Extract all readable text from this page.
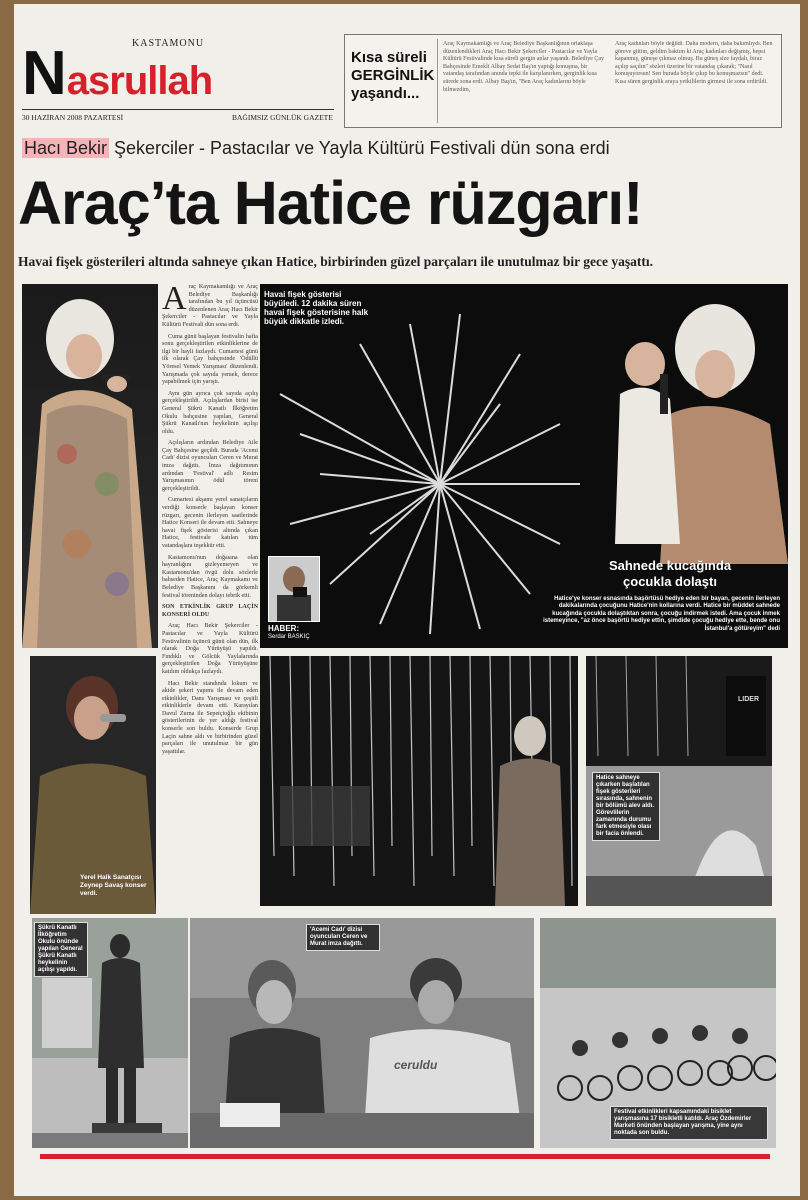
KASTAMONU
Nasrullah
30 HAZİRAN 2008 PAZARTESİ	BAĞIMSIZ GÜNLÜK GAZETE
Kısa süreli
GERGİNLİK
yaşandı...
Araç Kaymakamlığı ve Araç Belediye Başkanlığının ortaklaşa düzenlendikleri Araç Hacı Bekir Şekerciler - Pastacılar ve Yayla Kültürü Festivalinde kısa süreli gergin anlar yaşandı. Belediye Çay Bahçesinde Emekli Albay Sedat Baş'ın yaptığı konuşma, bir vatandaş tarafından anında tepki ile karşılanırken, gerginlik kısa sürede sona erdi. Albay Baş'ın, "Ben Araç kadınlarını böyle bilmezdim,
Araç kadınları böyle değildi. Daha modern, daha bakımlıydı. Ben göreve gittim, geldim baktım ki Araç kadınları değişmiş, hepsi kapanmış, güneşe çıkmaz olmuş. Bu güneş size faydalı, biraz açılıp saçılın" sözleri üzerine bir vatandaş çıkarak; "Nasıl konuşuyorsun! Sen burada böyle çıkıp bu konuşmazsın" dedi. Kısa süren gerginlik araya yetkililerin girmesi ile sona erdirildi.
Hacı Bekir Şekerciler - Pastacılar ve Yayla Kültürü Festivali dün sona erdi
Araç’ta Hatice rüzgarı!
Havai fişek gösterileri altında sahneye çıkan Hatice, birbirinden güzel parçaları ile unutulmaz bir gece yaşattı.
A raç Kaymakamlığı ve Araç Belediye Başkanlığı tarafından bu yıl üçüncüsü düzenlenen Araç Hacı Bekir Şekerciler - Pastacılar ve Yayla Kültürü Festivali dün sona erdi.

Cuma günü başlayan festivalin hafta sonu gerçekleştirilen etkinliklerine de ilgi bir hayli fazlaydı. Cumartesi günü ilk olarak Çay bahçesinde 'Ödüllü Yöresel Yemek Yarışması' düzenlendi. Yarışmada çok sayıda yemek, derece yapabilmek için yarıştı.

Aynı gün ayrıca çok sayıda açılış gerçekleştirildi. Açılışlardan birisi ise General Şükrü Kanatlı İlköğretim Okulu bahçesine yapılan, General Şükrü Kanatlı'nın heykelinin açılışı oldu.

Açılışların ardından Belediye Aile Çay Bahçesine geçildi. Burada 'Acemi Cadı' dizisi oyuncuları Ceren ve Murat imza dağıttı. İmza dağıtımının ardından 'Festival' adlı Resim Yarışmasının ödül töreni gerçekleştirildi.

Cumartesi akşamı yerel sanatçıların verdiği konserle başlayan konser rüzgarı, gecenin ilerleyen saatlerinde Hatice Konseri ile devam etti. Sahneye havai fişek gösterisi altında çıkan Hatice, festivale katılan tüm vatandaşlara teşekkür etti.

Kastamonu'nun doğasına olan hayranlığını gizleyemeyen ve Kastamonu'dan övgü dolu sözlerle bahseden Hatice, Araç Kaymakamı ve Belediye Başkanını da görkemli festival töreninden dolayı tebrik etti.

SON ETKİNLİK GRUP LAÇİN KONSERİ OLDU

Araç Hacı Bekir Şekerciler - Pastacılar ve Yayla Kültürü Festivalinin üçüncü günü olan dün, ilk olarak Doğa Yürüyüşü yapıldı. Fındıklı ve Gölcük Yaylalarında gerçekleştirilen Doğa Yürüyüşüne katılım oldukça fazlaydı.

Hacı Bekir standında lokum ve akide şekeri yapımı ile devam eden etkinlikler, Dans Yarışması ve çeşitli etkinliklerle devam etti. Karayılan Davul Zurna ile Sepetçioğlu ekibinin gösterilerinin de yer aldığı festival konserle son buldu. Konserde Grup Laçin sahne aldı ve birbirinden güzel parçaları ile unutulmaz bir gün yaşattılar.

Havai fişek gösterisi büyüledi. 12 dakika süren havai fişek gösterisine halk büyük dikkatle izledi.
Sahnede kucağında
çocukla dolaştı
Hatice'ye konser esnasında başörtüsü hediye eden bir bayan, gecenin ilerleyen dakikalarında çocuğunu Hatice'nin kollarına verdi. Hatice bir müddet sahnede kucağında çocukla dolaştıktan sonra, çocuğu indirmek istedi. Ama çocuk inmek istemeyince, "az önce başörtü hediye ettin, şimdide çocuğu hediye ette, bende onu İstanbul'a götüreyim" dedi
HABER:
Serdar BASKIÇ
Yerel Halk Sanatçısı Zeynep Savaş konser verdi.
LIDER
Hatice sahneye çıkarken başlatılan fişek gösterileri sırasında, sahnenin bir bölümü alev aldı. Görevlilerin zamanında durumu fark etmesiyle olası bir facia önlendi.
Şükrü Kanatlı İlköğretim Okulu önünde yapılan General Şükrü Kanatlı heykelinin açılışı yapıldı.
ceruldu
'Acemi Cadı' dizisi oyuncuları Ceren ve Murat imza dağıttı.
Festival etkinlikleri kapsamındaki bisiklet yarışmasına 17 bisikletli katıldı. Araç Özdemirler Marketi önünden başlayan yarışma, yine aynı noktada son buldu.
